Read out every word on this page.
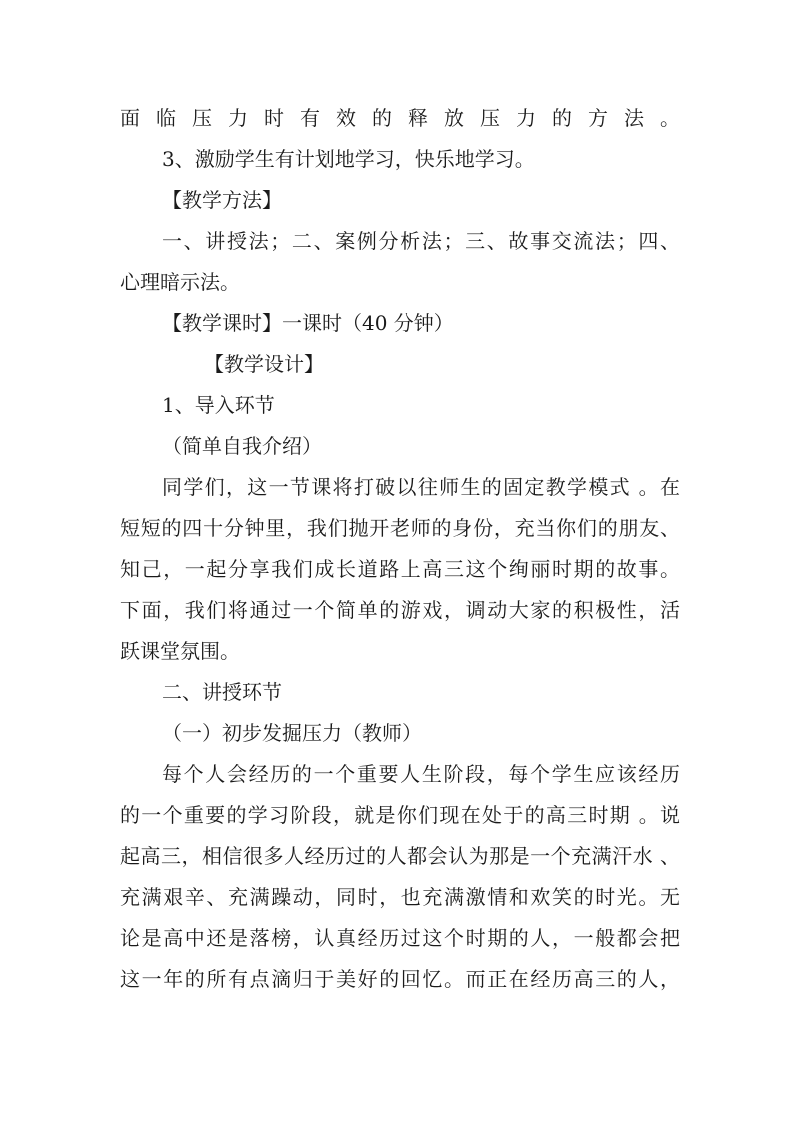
面临压力时有效的释放压力的方法。
3、激励学生有计划地学习，快乐地学习。
【教学方法】
一、讲授法；二、案例分析法；三、故事交流法；四、
心理暗示法。
【教学课时】一课时（40 分钟）
【教学设计】
1、导入环节
（简单自我介绍）
同学们，这一节课将打破以往师生的固定教学模式 。在
短短的四十分钟里，我们抛开老师的身份，充当你们的朋友、
知己，一起分享我们成长道路上高三这个绚丽时期的故事。
下面，我们将通过一个简单的游戏，调动大家的积极性，活
跃课堂氛围。
二、讲授环节
（一）初步发掘压力（教师）
每个人会经历的一个重要人生阶段，每个学生应该经历
的一个重要的学习阶段，就是你们现在处于的高三时期 。说
起高三，相信很多人经历过的人都会认为那是一个充满汗水 、
充满艰辛、充满躁动，同时，也充满激情和欢笑的时光。无
论是高中还是落榜，认真经历过这个时期的人，一般都会把
这一年的所有点滴归于美好的回忆。而正在经历高三的人，
